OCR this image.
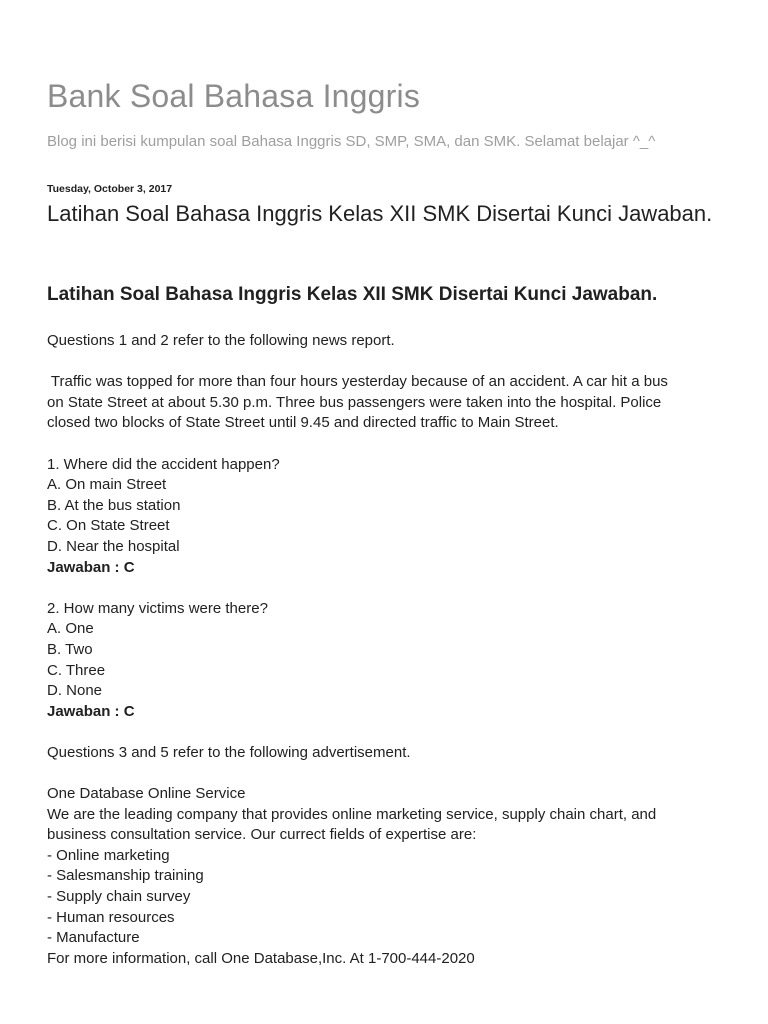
Bank Soal Bahasa Inggris
Blog ini berisi kumpulan soal Bahasa Inggris SD, SMP, SMA, dan SMK. Selamat belajar ^_^
Tuesday, October 3, 2017
Latihan Soal Bahasa Inggris Kelas XII SMK Disertai Kunci Jawaban.
Latihan Soal Bahasa Inggris Kelas XII SMK Disertai Kunci Jawaban.
Questions 1 and 2 refer to the following news report.
Traffic was topped for more than four hours yesterday because of an accident. A car hit a bus
on State Street at about 5.30 p.m. Three bus passengers were taken into the hospital. Police
closed two blocks of State Street until 9.45 and directed traffic to Main Street.
1. Where did the accident happen?
A. On main Street
B. At the bus station
C. On State Street
D. Near the hospital
Jawaban : C
2. How many victims were there?
A. One
B. Two
C. Three
D. None
Jawaban : C
Questions 3 and 5 refer to the following advertisement.
One Database Online Service
We are the leading company that provides online marketing service, supply chain chart, and
business consultation service. Our currect fields of expertise are:
- Online marketing
- Salesmanship training
- Supply chain survey
- Human resources
- Manufacture
For more information, call One Database,Inc. At 1-700-444-2020
